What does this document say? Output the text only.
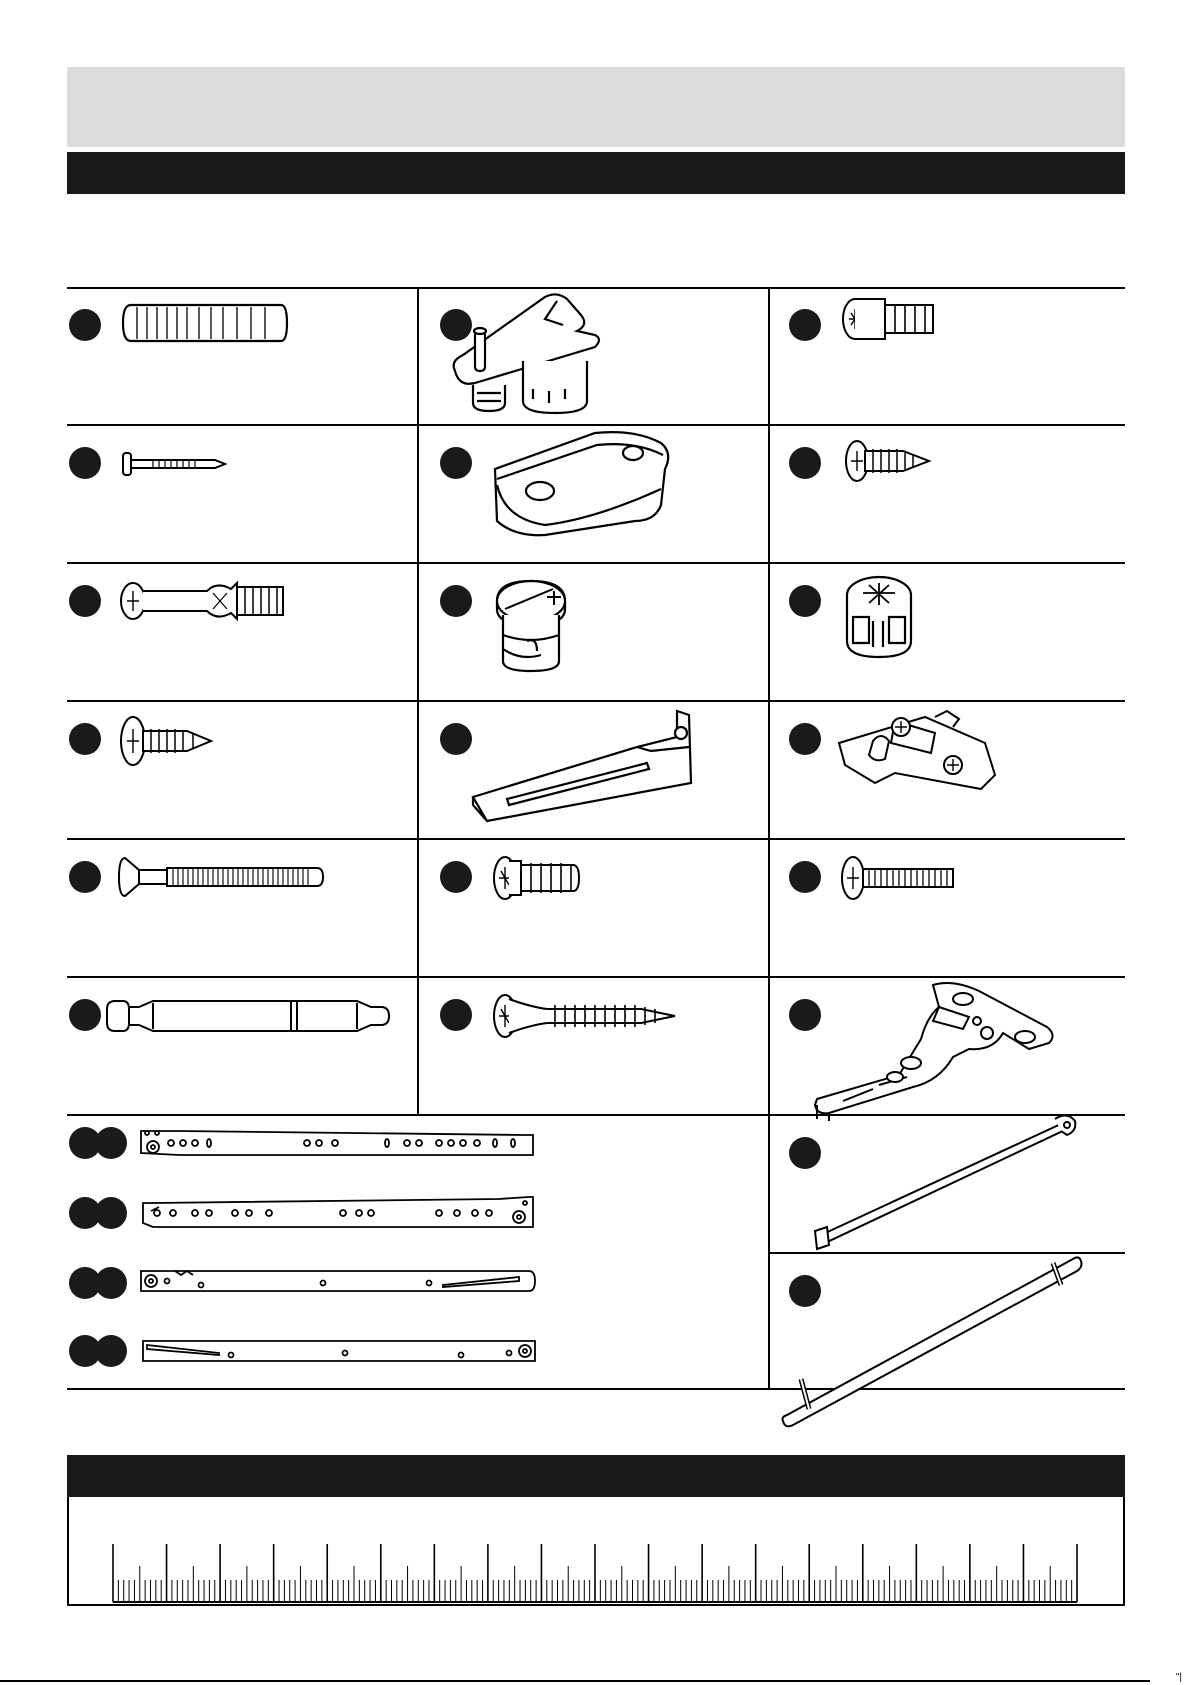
"|
